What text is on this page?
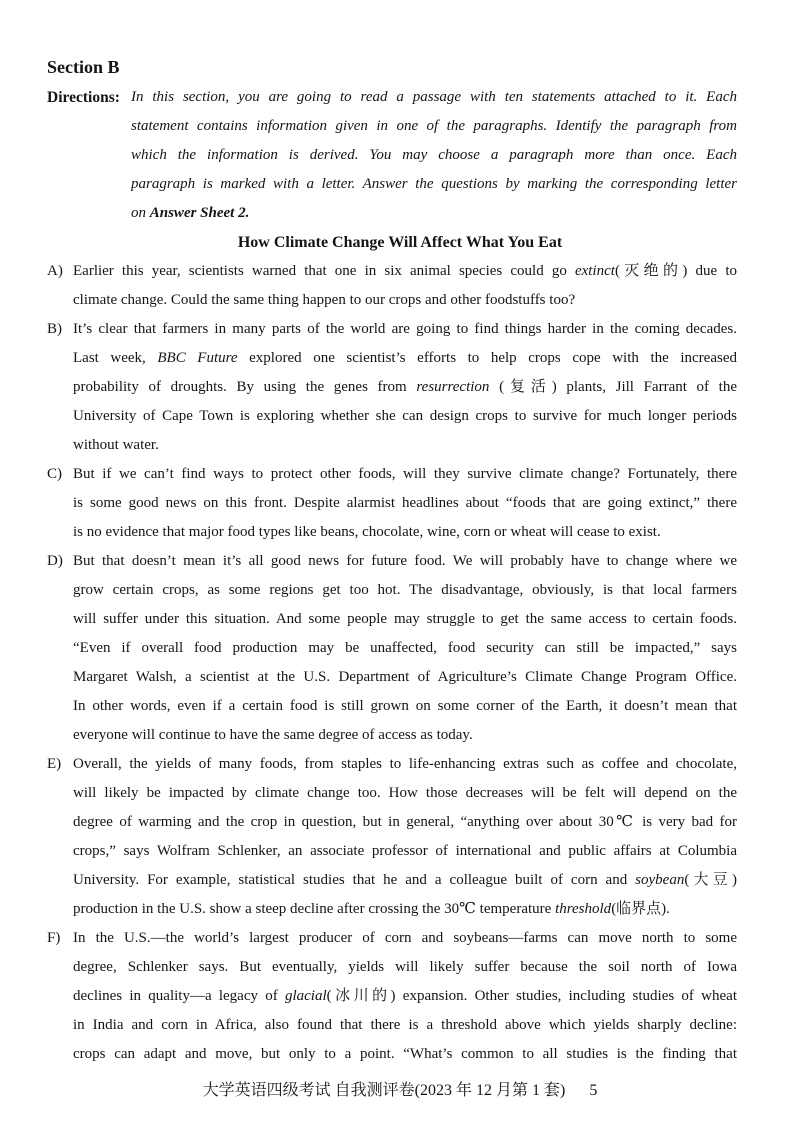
Section B
Directions: In this section, you are going to read a passage with ten statements attached to it. Each
statement contains information given in one of the paragraphs. Identify the paragraph from
which the information is derived. You may choose a paragraph more than once. Each
paragraph is marked with a letter. Answer the questions by marking the corresponding letter
on Answer Sheet 2.
How Climate Change Will Affect What You Eat
A) Earlier this year, scientists warned that one in six animal species could go extinct(灭绝的) due to
climate change. Could the same thing happen to our crops and other foodstuffs too?
B) It’s clear that farmers in many parts of the world are going to find things harder in the coming decades.
Last week, BBC Future explored one scientist’s efforts to help crops cope with the increased
probability of droughts. By using the genes from resurrection (复活) plants, Jill Farrant of the
University of Cape Town is exploring whether she can design crops to survive for much longer periods
without water.
C) But if we can’t find ways to protect other foods, will they survive climate change? Fortunately, there
is some good news on this front. Despite alarmist headlines about “foods that are going extinct,” there
is no evidence that major food types like beans, chocolate, wine, corn or wheat will cease to exist.
D) But that doesn’t mean it’s all good news for future food. We will probably have to change where we
grow certain crops, as some regions get too hot. The disadvantage, obviously, is that local farmers
will suffer under this situation. And some people may struggle to get the same access to certain foods.
“Even if overall food production may be unaffected, food security can still be impacted,” says
Margaret Walsh, a scientist at the U.S. Department of Agriculture’s Climate Change Program Office.
In other words, even if a certain food is still grown on some corner of the Earth, it doesn’t mean that
everyone will continue to have the same degree of access as today.
E) Overall, the yields of many foods, from staples to life-enhancing extras such as coffee and chocolate,
will likely be impacted by climate change too. How those decreases will be felt will depend on the
degree of warming and the crop in question, but in general, “anything over about 30℃ is very bad for
crops,” says Wolfram Schlenker, an associate professor of international and public affairs at Columbia
University. For example, statistical studies that he and a colleague built of corn and soybean(大豆)
production in the U.S. show a steep decline after crossing the 30℃ temperature threshold(临界点).
F) In the U.S.—the world’s largest producer of corn and soybeans—farms can move north to some
degree, Schlenker says. But eventually, yields will likely suffer because the soil north of Iowa
declines in quality—a legacy of glacial(冰川的) expansion. Other studies, including studies of wheat
in India and corn in Africa, also found that there is a threshold above which yields sharply decline:
crops can adapt and move, but only to a point. “What’s common to all studies is the finding that
大学英语四级考试 自我测评卷(2023 年 12 月第 1 套) 5
